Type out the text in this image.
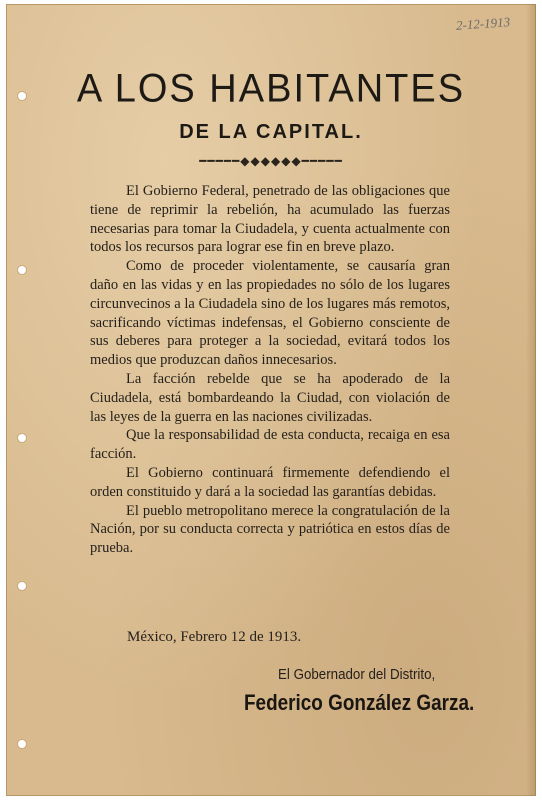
2-12-1913
A LOS HABITANTES
DE LA CAPITAL.
━━━━━◆◆◆◆◆◆━━━━━

El Gobierno Federal, penetrado de las obligaciones que tiene de reprimir la rebelión, ha acumulado las fuerzas necesarias para tomar la Ciudadela, y cuenta actualmente con todos los recursos para lograr ese fin en breve plazo.

Como de proceder violentamente, se causaría gran daño en las vidas y en las propiedades no sólo de los lugares circunvecinos a la Ciudadela sino de los lugares más remotos, sacrificando víctimas indefensas, el Gobierno consciente de sus deberes para proteger a la sociedad, evitará todos los medios que produzcan daños innecesarios.

La facción rebelde que se ha apoderado de la Ciudadela, está bombardeando la Ciudad, con violación de las leyes de la guerra en las naciones civilizadas.

Que la responsabilidad de esta conducta, recaiga en esa facción.

El Gobierno continuará firmemente defendiendo el orden constituido y dará a la sociedad las garantías debidas.

El pueblo metropolitano merece la congratulación de la Nación, por su conducta correcta y patriótica en estos días de prueba.

México, Febrero 12 de 1913.
El Gobernador del Distrito,
Federico González Garza.
